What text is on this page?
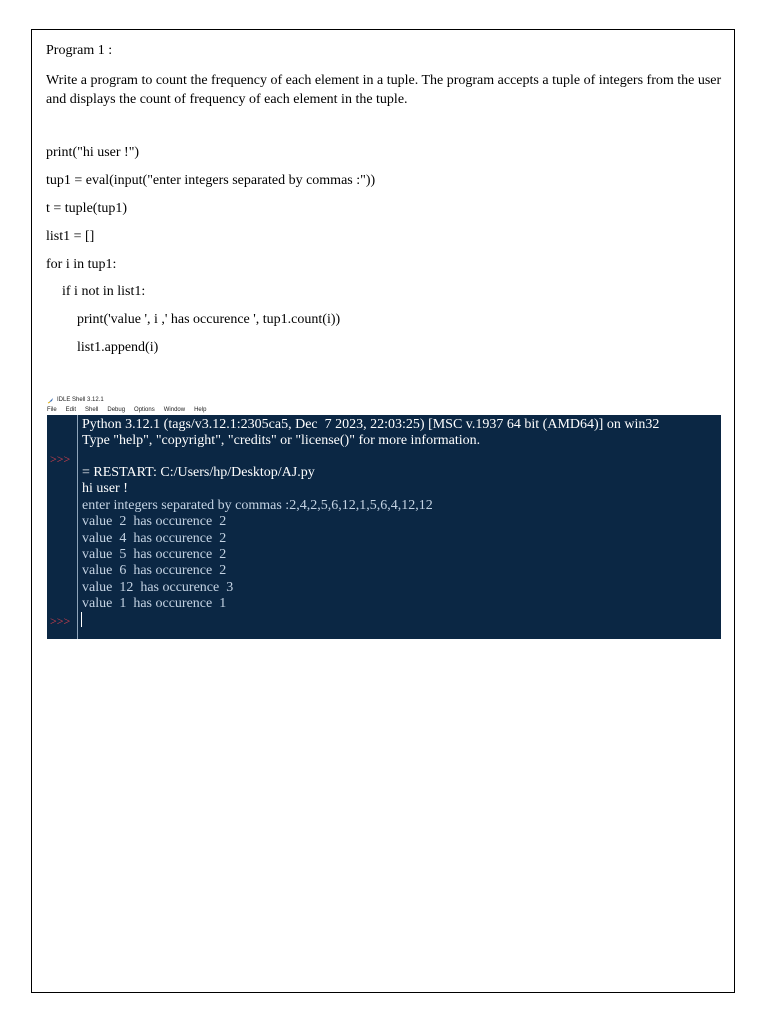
Program 1 :
Write a program to count the frequency of each element in a tuple. The program accepts a tuple of integers from the user and displays the count of frequency of each element in the tuple.
print("hi user !")
tup1 = eval(input("enter integers separated by commas :"))
t = tuple(tup1)
list1 = []
for i in tup1:
if i not in list1:
print('value ', i ,' has occurence ', tup1.count(i))
list1.append(i)
IDLE Shell 3.12.1
File Edit Shell Debug Options Window Help
>>>
>>>
Python 3.12.1 (tags/v3.12.1:2305ca5, Dec  7 2023, 22:03:25) [MSC v.1937 64 bit (AMD64)] on win32
Type "help", "copyright", "credits" or "license()" for more information.
= RESTART: C:/Users/hp/Desktop/AJ.py
hi user !
enter integers separated by commas :2,4,2,5,6,12,1,5,6,4,12,12
value  2  has occurence  2
value  4  has occurence  2
value  5  has occurence  2
value  6  has occurence  2
value  12  has occurence  3
value  1  has occurence  1
